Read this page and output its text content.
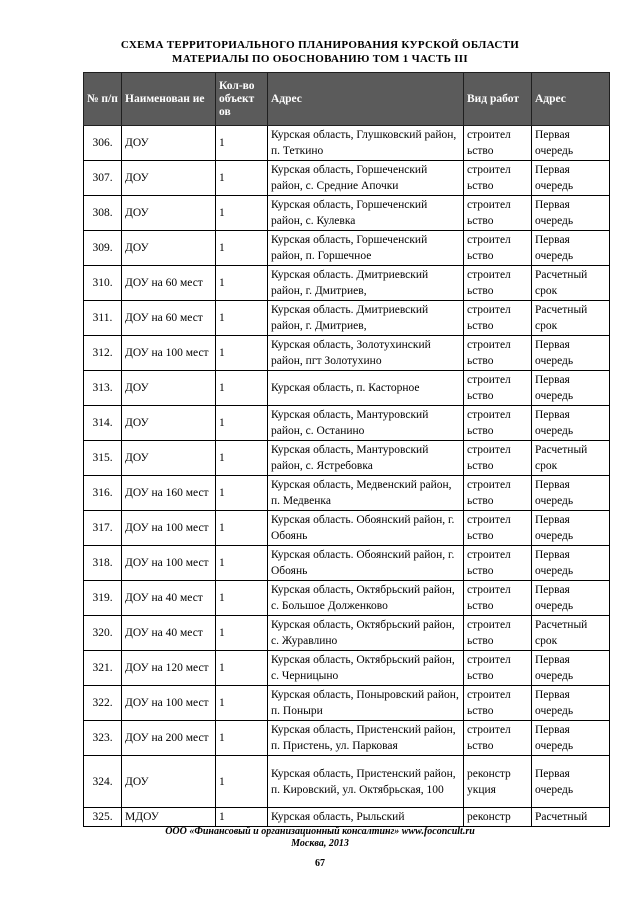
СХЕМА ТЕРРИТОРИАЛЬНОГО ПЛАНИРОВАНИЯ КУРСКОЙ ОБЛАСТИ
МАТЕРИАЛЫ ПО ОБОСНОВАНИЮ ТОМ 1 ЧАСТЬ III
№ п/п	Наименован ие	Кол-во объект ов	Адрес	Вид работ	Адрес
306.	ДОУ	1	Курская область, Глушковский район, п. Теткино	строител ьство	Первая очередь
307.	ДОУ	1	Курская область, Горшеченский район, с. Средние Апочки	строител ьство	Первая очередь
308.	ДОУ	1	Курская область, Горшеченский район, с. Кулевка	строител ьство	Первая очередь
309.	ДОУ	1	Курская область, Горшеченский район, п. Горшечное	строител ьство	Первая очередь
310.	ДОУ на 60 мест	1	Курская область. Дмитриевский район, г. Дмитриев,	строител ьство	Расчетный срок
311.	ДОУ на 60 мест	1	Курская область. Дмитриевский район, г. Дмитриев,	строител ьство	Расчетный срок
312.	ДОУ на 100 мест	1	Курская область, Золотухинский район, пгт Золотухино	строител ьство	Первая очередь
313.	ДОУ	1	Курская область, п. Касторное	строител ьство	Первая очередь
314.	ДОУ	1	Курская область, Мантуровский район, с. Останино	строител ьство	Первая очередь
315.	ДОУ	1	Курская область, Мантуровский район, с. Ястребовка	строител ьство	Расчетный срок
316.	ДОУ на 160 мест	1	Курская область, Медвенский район, п. Медвенка	строител ьство	Первая очередь
317.	ДОУ на 100 мест	1	Курская область. Обоянский район, г. Обоянь	строител ьство	Первая очередь
318.	ДОУ на 100 мест	1	Курская область. Обоянский район, г. Обоянь	строител ьство	Первая очередь
319.	ДОУ на 40 мест	1	Курская область, Октябрьский район, с. Большое Долженково	строител ьство	Первая очередь
320.	ДОУ на 40 мест	1	Курская область, Октябрьский район, с. Журавлино	строител ьство	Расчетный срок
321.	ДОУ на 120 мест	1	Курская область, Октябрьский район, с. Черницыно	строител ьство	Первая очередь
322.	ДОУ на 100 мест	1	Курская область, Поныровский район, п. Поныри	строител ьство	Первая очередь
323.	ДОУ на 200 мест	1	Курская область, Пристенский район, п. Пристень, ул. Парковая	строител ьство	Первая очередь
324.	ДОУ	1	Курская область, Пристенский район, п. Кировский, ул. Октябрьская, 100	реконстр укция	Первая очередь
325.	МДОУ	1	Курская область, Рыльский	реконстр	Расчетный
ООО «Финансовый и организационный консалтинг» www.foconcult.ru
Москва, 2013
67
